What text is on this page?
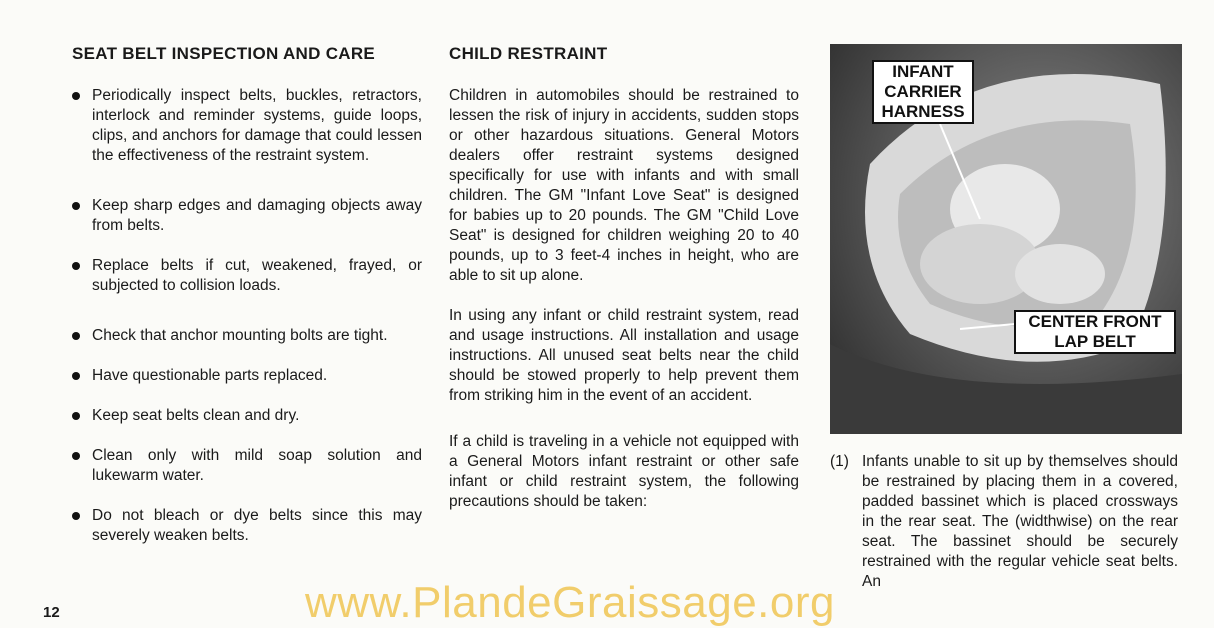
SEAT BELT INSPECTION AND CARE
Periodically inspect belts, buckles, retractors, interlock and reminder systems, guide loops, clips, and anchors for damage that could lessen the effectiveness of the restraint system.
Keep sharp edges and damaging objects away from belts.
Replace belts if cut, weakened, frayed, or subjected to collision loads.
Check that anchor mounting bolts are tight.
Have questionable parts replaced.
Keep seat belts clean and dry.
Clean only with mild soap solution and lukewarm water.
Do not bleach or dye belts since this may severely weaken belts.
CHILD RESTRAINT

Children in automobiles should be restrained to lessen the risk of injury in accidents, sudden stops or other hazardous situations. General Motors dealers offer restraint systems designed specifically for use with infants and with small children. The GM "Infant Love Seat" is designed for babies up to 20 pounds. The GM "Child Love Seat" is designed for children weighing 20 to 40 pounds, up to 3 feet-4 inches in height, who are able to sit up alone.

In using any infant or child restraint system, read and usage instructions. All installation and usage instructions. All unused seat belts near the child should be stowed properly to help prevent them from striking him in the event of an accident.

If a child is traveling in a vehicle not equipped with a General Motors infant restraint or other safe infant or child restraint system, the following precautions should be taken:

INFANT
CARRIER
HARNESS
CENTER FRONT
LAP BELT
(1) Infants unable to sit up by themselves should be restrained by placing them in a covered, padded bassinet which is placed crossways in the rear seat. The (widthwise) on the rear seat. The bassinet should be securely restrained with the regular vehicle seat belts. An
12	www.PlandeGraissage.org
